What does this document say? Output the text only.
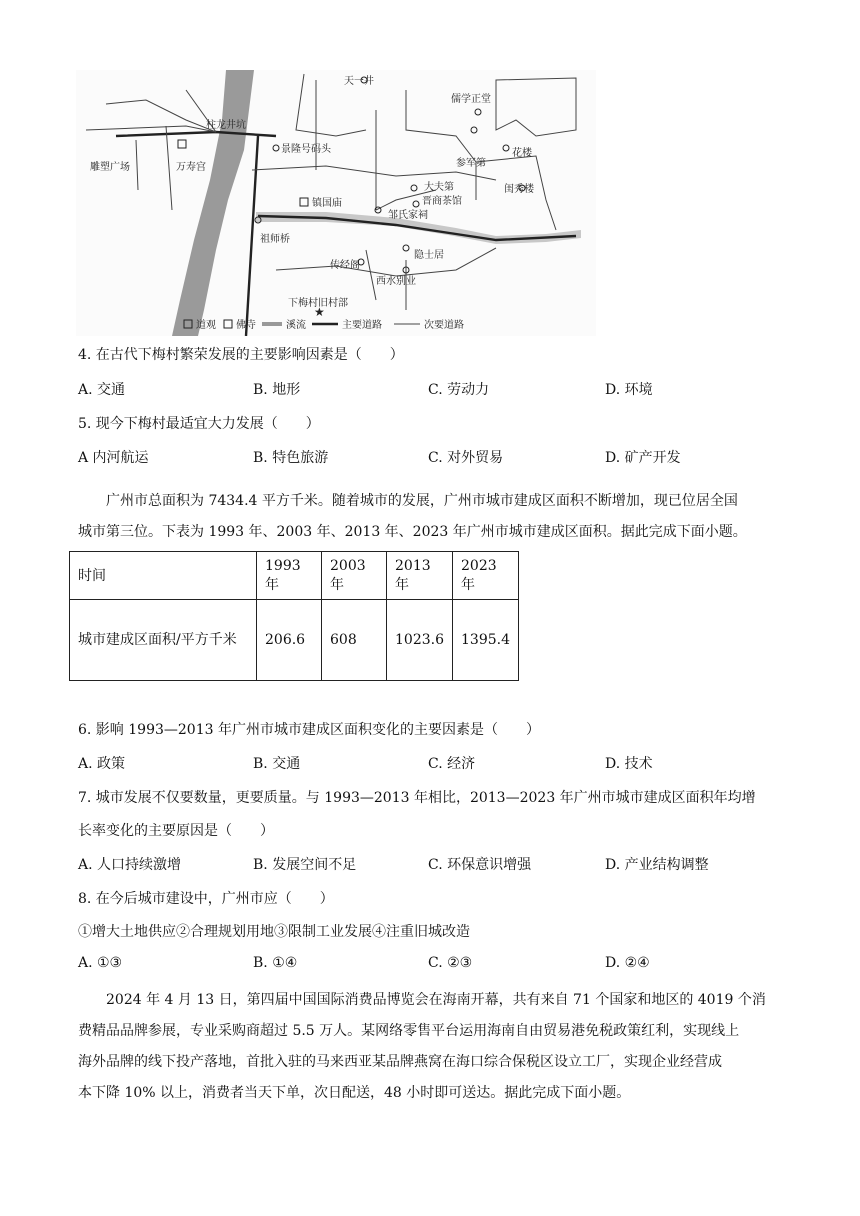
★
天一井
儒学正堂
柱龙井坑
景隆号码头
万寿宫	参军第
花楼
大夫第
晋商茶馆
镇国庙
邹氏家祠
闺秀楼
祖师桥
隐士居
传经阁
西水别业
下梅村旧村部
雕塑广场
道观 佛寺	溪流	主要道路	次要道路
4. 在古代下梅村繁荣发展的主要影响因素是（　　）
A. 交通	B. 地形	C. 劳动力	D. 环境
5. 现今下梅村最适宜大力发展（　　）
A 内河航运	B. 特色旅游	C. 对外贸易	D. 矿产开发
广州市总面积为 7434.4 平方千米。随着城市的发展，广州市城市建成区面积不断增加，现已位居全国
城市第三位。下表为 1993 年、2003 年、2013 年、2023 年广州市城市建成区面积。据此完成下面小题。
时间	1993 年	2003 年	2013 年	2023 年
城市建成区面积/平方千米	206.6	608	1023.6	1395.4
6. 影响 1993—2013 年广州市城市建成区面积变化的主要因素是（　　）
A. 政策	B. 交通	C. 经济	D. 技术
7. 城市发展不仅要数量，更要质量。与 1993—2013 年相比，2013—2023 年广州市城市建成区面积年均增
长率变化的主要原因是（　　）
A. 人口持续激增	B. 发展空间不足	C. 环保意识增强	D. 产业结构调整
8. 在今后城市建设中，广州市应（　　）
①增大土地供应②合理规划用地③限制工业发展④注重旧城改造
A. ①③	B. ①④	C. ②③	D. ②④
2024 年 4 月 13 日，第四届中国国际消费品博览会在海南开幕，共有来自 71 个国家和地区的 4019 个消
费精品品牌参展，专业采购商超过 5.5 万人。某网络零售平台运用海南自由贸易港免税政策红利，实现线上
海外品牌的线下投产落地，首批入驻的马来西亚某品牌燕窝在海口综合保税区设立工厂，实现企业经营成
本下降 10% 以上，消费者当天下单，次日配送，48 小时即可送达。据此完成下面小题。
